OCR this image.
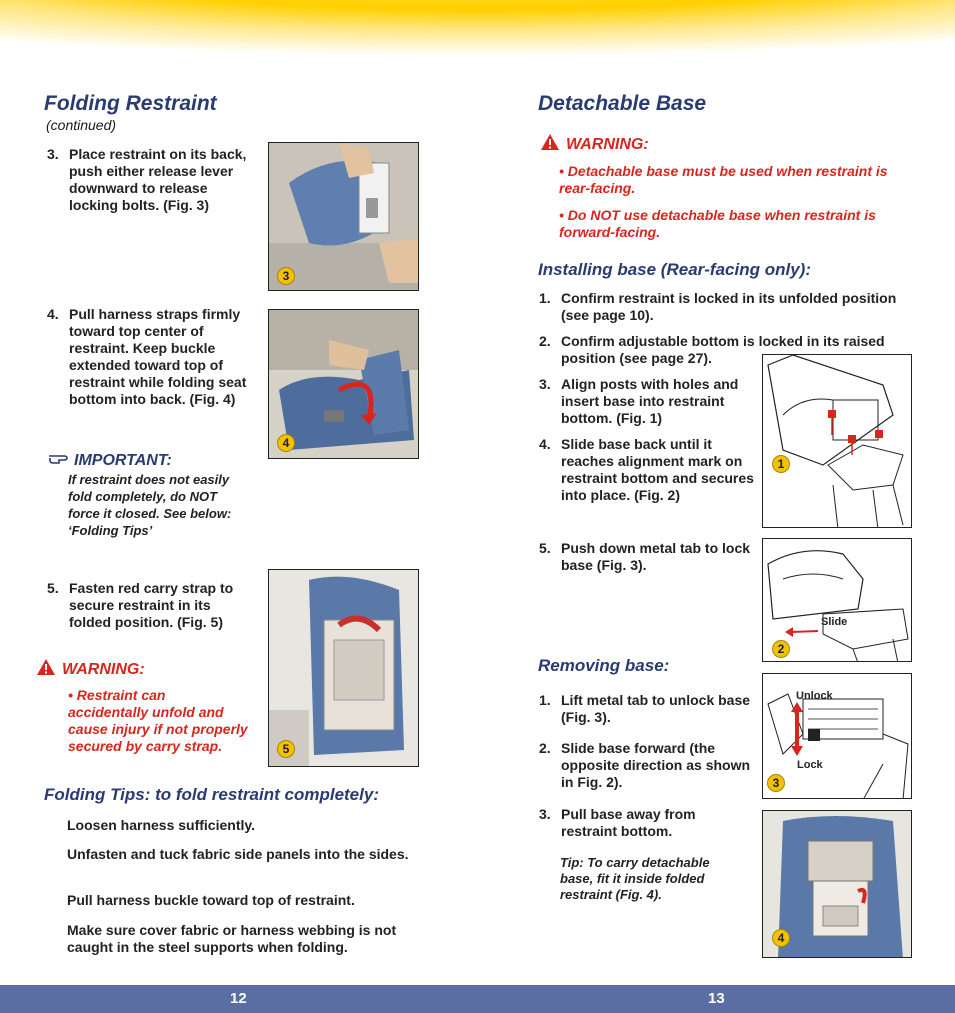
Folding Restraint
(continued)
3. Place restraint on its back, push either release lever downward to release locking bolts. (Fig. 3)
4. Pull harness straps firmly toward top center of restraint. Keep buckle extended toward top of restraint while folding seat bottom into back. (Fig. 4)
IMPORTANT:
If restraint does not easily fold completely, do NOT force it closed. See below: ‘Folding Tips’
5. Fasten red carry strap to secure restraint in its folded position. (Fig. 5)
WARNING:
• Restraint can accidentally unfold and cause injury if not properly secured by carry strap.
Folding Tips: to fold restraint completely:
Loosen harness sufficiently.
Unfasten and tuck fabric side panels into the sides.
Pull harness buckle toward top of restraint.
Make sure cover fabric or harness webbing is not caught in the steel supports when folding.
3
4
5
Detachable Base
WARNING:
• Detachable base must be used when restraint is rear-facing.
• Do NOT use detachable base when restraint is forward-facing.
Installing base (Rear-facing only):
1. Confirm restraint is locked in its unfolded position (see page 10).
2. Confirm adjustable bottom is locked in its raised position (see page 27).
3. Align posts with holes and insert base into restraint bottom. (Fig. 1)
4. Slide base back until it reaches alignment mark on restraint bottom and secures into place. (Fig. 2)
5. Push down metal tab to lock base (Fig. 3).
Removing base:
1. Lift metal tab to unlock base (Fig. 3).
2. Slide base forward (the opposite direction as shown in Fig. 2).
3. Pull base away from restraint bottom.
Tip: To carry detachable base, fit it inside folded restraint (Fig. 4).
1
Slide
2
Unlock
Lock
3
4
12	13
